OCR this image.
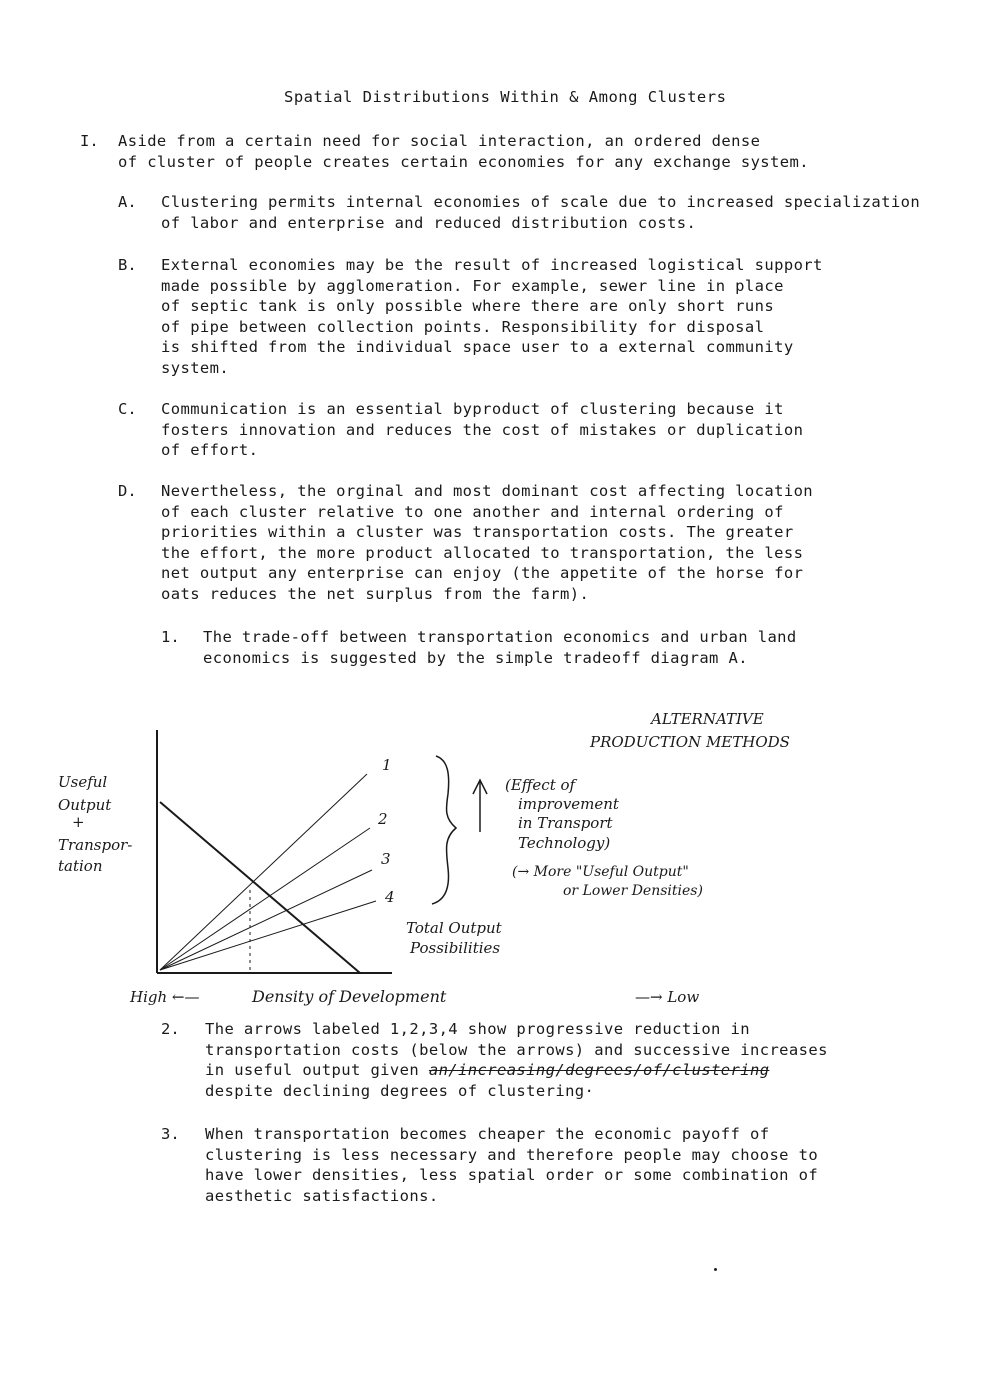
Spatial Distributions Within & Among Clusters
I. Aside from a certain need for social interaction, an ordered dense
of cluster of people creates certain economies for any exchange system.
A. Clustering permits internal economies of scale due to increased specialization
of labor and enterprise and reduced distribution costs.
B. External economies may be the result of increased logistical support
made possible by agglomeration. For example, sewer line in place
of septic tank is only possible where there are only short runs
of pipe between collection points. Responsibility for disposal
is shifted from the individual space user to a external community
system.
C. Communication is an essential byproduct of clustering because it
fosters innovation and reduces the cost of mistakes or duplication
of effort.
D. Nevertheless, the orginal and most dominant cost affecting location
of each cluster relative to one another and internal ordering of
priorities within a cluster was transportation costs. The greater
the effort, the more product allocated to transportation, the less
net output any enterprise can enjoy (the appetite of the horse for
oats reduces the net surplus from the farm).
1. The trade-off between transportation economics and urban land
economics is suggested by the simple tradeoff diagram A.
ALTERNATIVE
PRODUCTION METHODS
Useful
Output
+
Transpor-
tation
1
2
3
4
(Effect of
improvement
in Transport
Technology)
(→ More "Useful Output"
or Lower Densities)
Total Output
Possibilities
High ←—	Density of Development	—→ Low
2. The arrows labeled 1,2,3,4 show progressive reduction in
transportation costs (below the arrows) and successive increases
in useful output given an/increasing/degrees/of/clustering
despite declining degrees of clustering·
3. When transportation becomes cheaper the economic payoff of
clustering is less necessary and therefore people may choose to
have lower densities, less spatial order or some combination of
aesthetic satisfactions.
